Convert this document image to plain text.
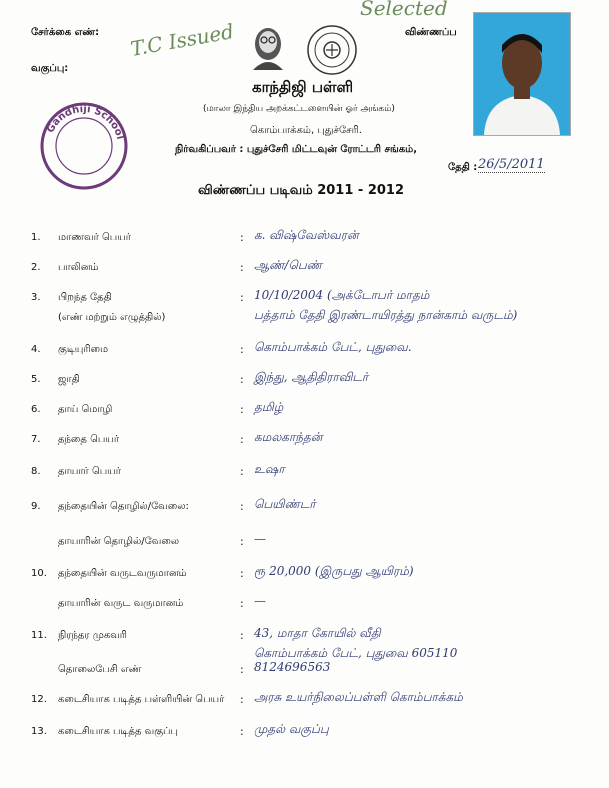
Selected
T.C Issued
சேர்க்கை எண்:
வகுப்பு:
விண்ணப்ப
காந்திஜி பள்ளி
(மாலா இந்திய அறக்கட்டளையின் ஓர் அங்கம்)
கொம்பாக்கம், புதுச்சேரி.
நிர்வகிப்பவர் : புதுச்சேரி மிட்டவுன் ரோட்டரி சங்கம்,
Gandhiji School
தேதி : 26/5/2011
விண்ணப்ப படிவம் 2011 - 2012
1. மாணவர் பெயர்	: க. விஷ்வேஸ்வரன்
2. பாலினம்	: ஆண்/பெண்
3. பிறந்த தேதி
(எண் மற்றும் எழுத்தில்)
: 10/10/2004 (அக்டோபர் மாதம்
பத்தாம் தேதி இரண்டாயிரத்து நான்காம் வருடம்)
4. குடியுரிமை	: கொம்பாக்கம் பேட், புதுவை.
5. ஜாதி	: இந்து, ஆதிதிராவிடர்
6. தாய் மொழி	: தமிழ்
7. தந்தை பெயர்	: கமலகாந்தன்
8. தாயார் பெயர்	: உஷா
9. தந்தையின் தொழில்/வேலை:	: பெயிண்டர்
தாயாரின் தொழில்/வேலை	: —
10. தந்தையின் வருடவருமானம்	: ரூ 20,000 (இருபது ஆயிரம்)
தாயாரின் வருட வருமானம்	: —
11. நிரந்தர முகவரி	: 43, மாதா கோயில் வீதி
கொம்பாக்கம் பேட், புதுவை 605110
தொலைபேசி எண்	: 8124696563
12. கடைசியாக படித்த பள்ளியின் பெயர் : அரசு உயர்நிலைப்பள்ளி கொம்பாக்கம்
13. கடைசியாக படித்த வகுப்பு	: முதல் வகுப்பு
